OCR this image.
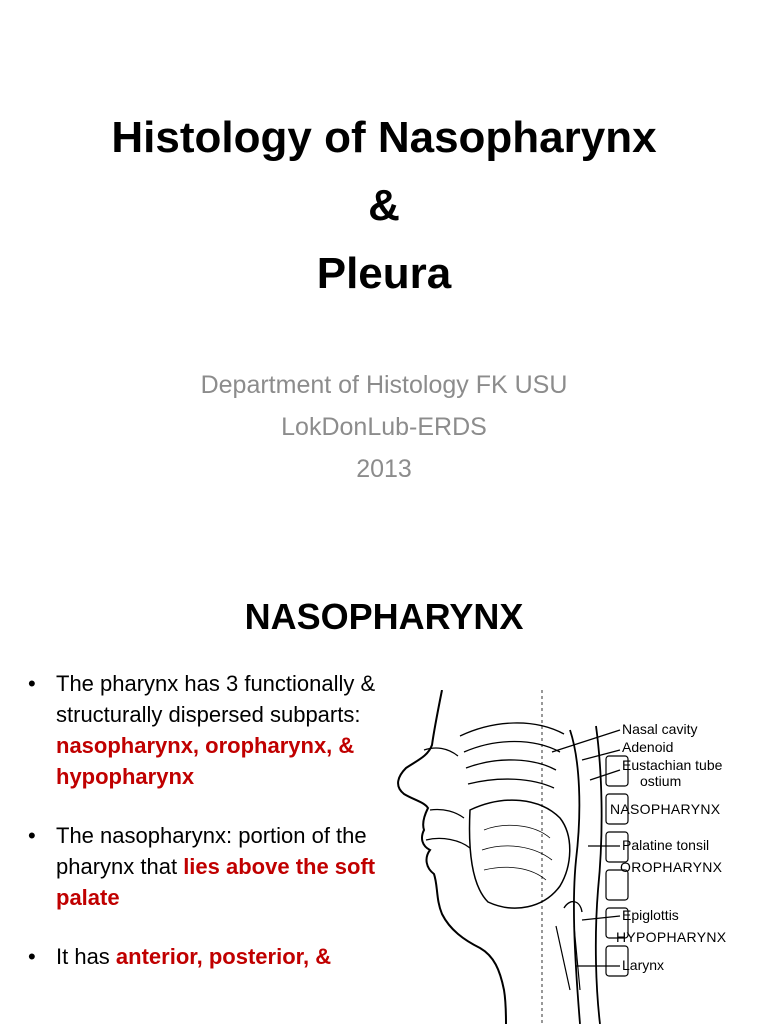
Histology of Nasopharynx
&
Pleura
Department of Histology FK USU
LokDonLub-ERDS
2013
NASOPHARYNX
• The pharynx has 3 functionally & structurally dispersed subparts: nasopharynx, oropharynx, & hypopharynx
• The nasopharynx: portion of the pharynx that lies above the soft palate
• It has anterior, posterior, &
Nasal cavity
Adenoid
Eustachian tube
ostium
NASOPHARYNX
Palatine tonsil
OROPHARYNX
Epiglottis
HYPOPHARYNX
Larynx
